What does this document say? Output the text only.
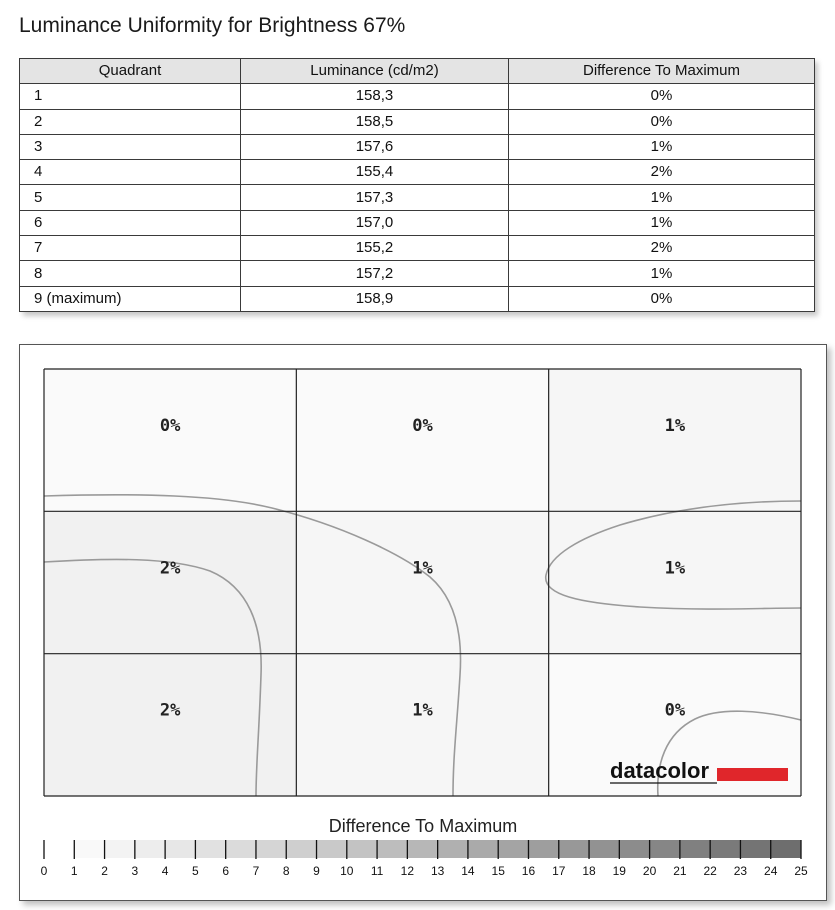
Luminance Uniformity for Brightness 67%
Quadrant	Luminance (cd/m2)	Difference To Maximum
1	158,3	0%
2	158,5	0%
3	157,6	1%
4	155,4	2%
5	157,3	1%
6	157,0	1%
7	155,2	2%
8	157,2	1%
9 (maximum)	158,9	0%
0%	0%	1%
2%	1%	1%
2%	1%	0%
datacolor
Difference To Maximum
0 1 2 3 4 5 6 7 8 9 10 11 12 13 14 15 16 17 18 19 20 21 22 23 24 25
